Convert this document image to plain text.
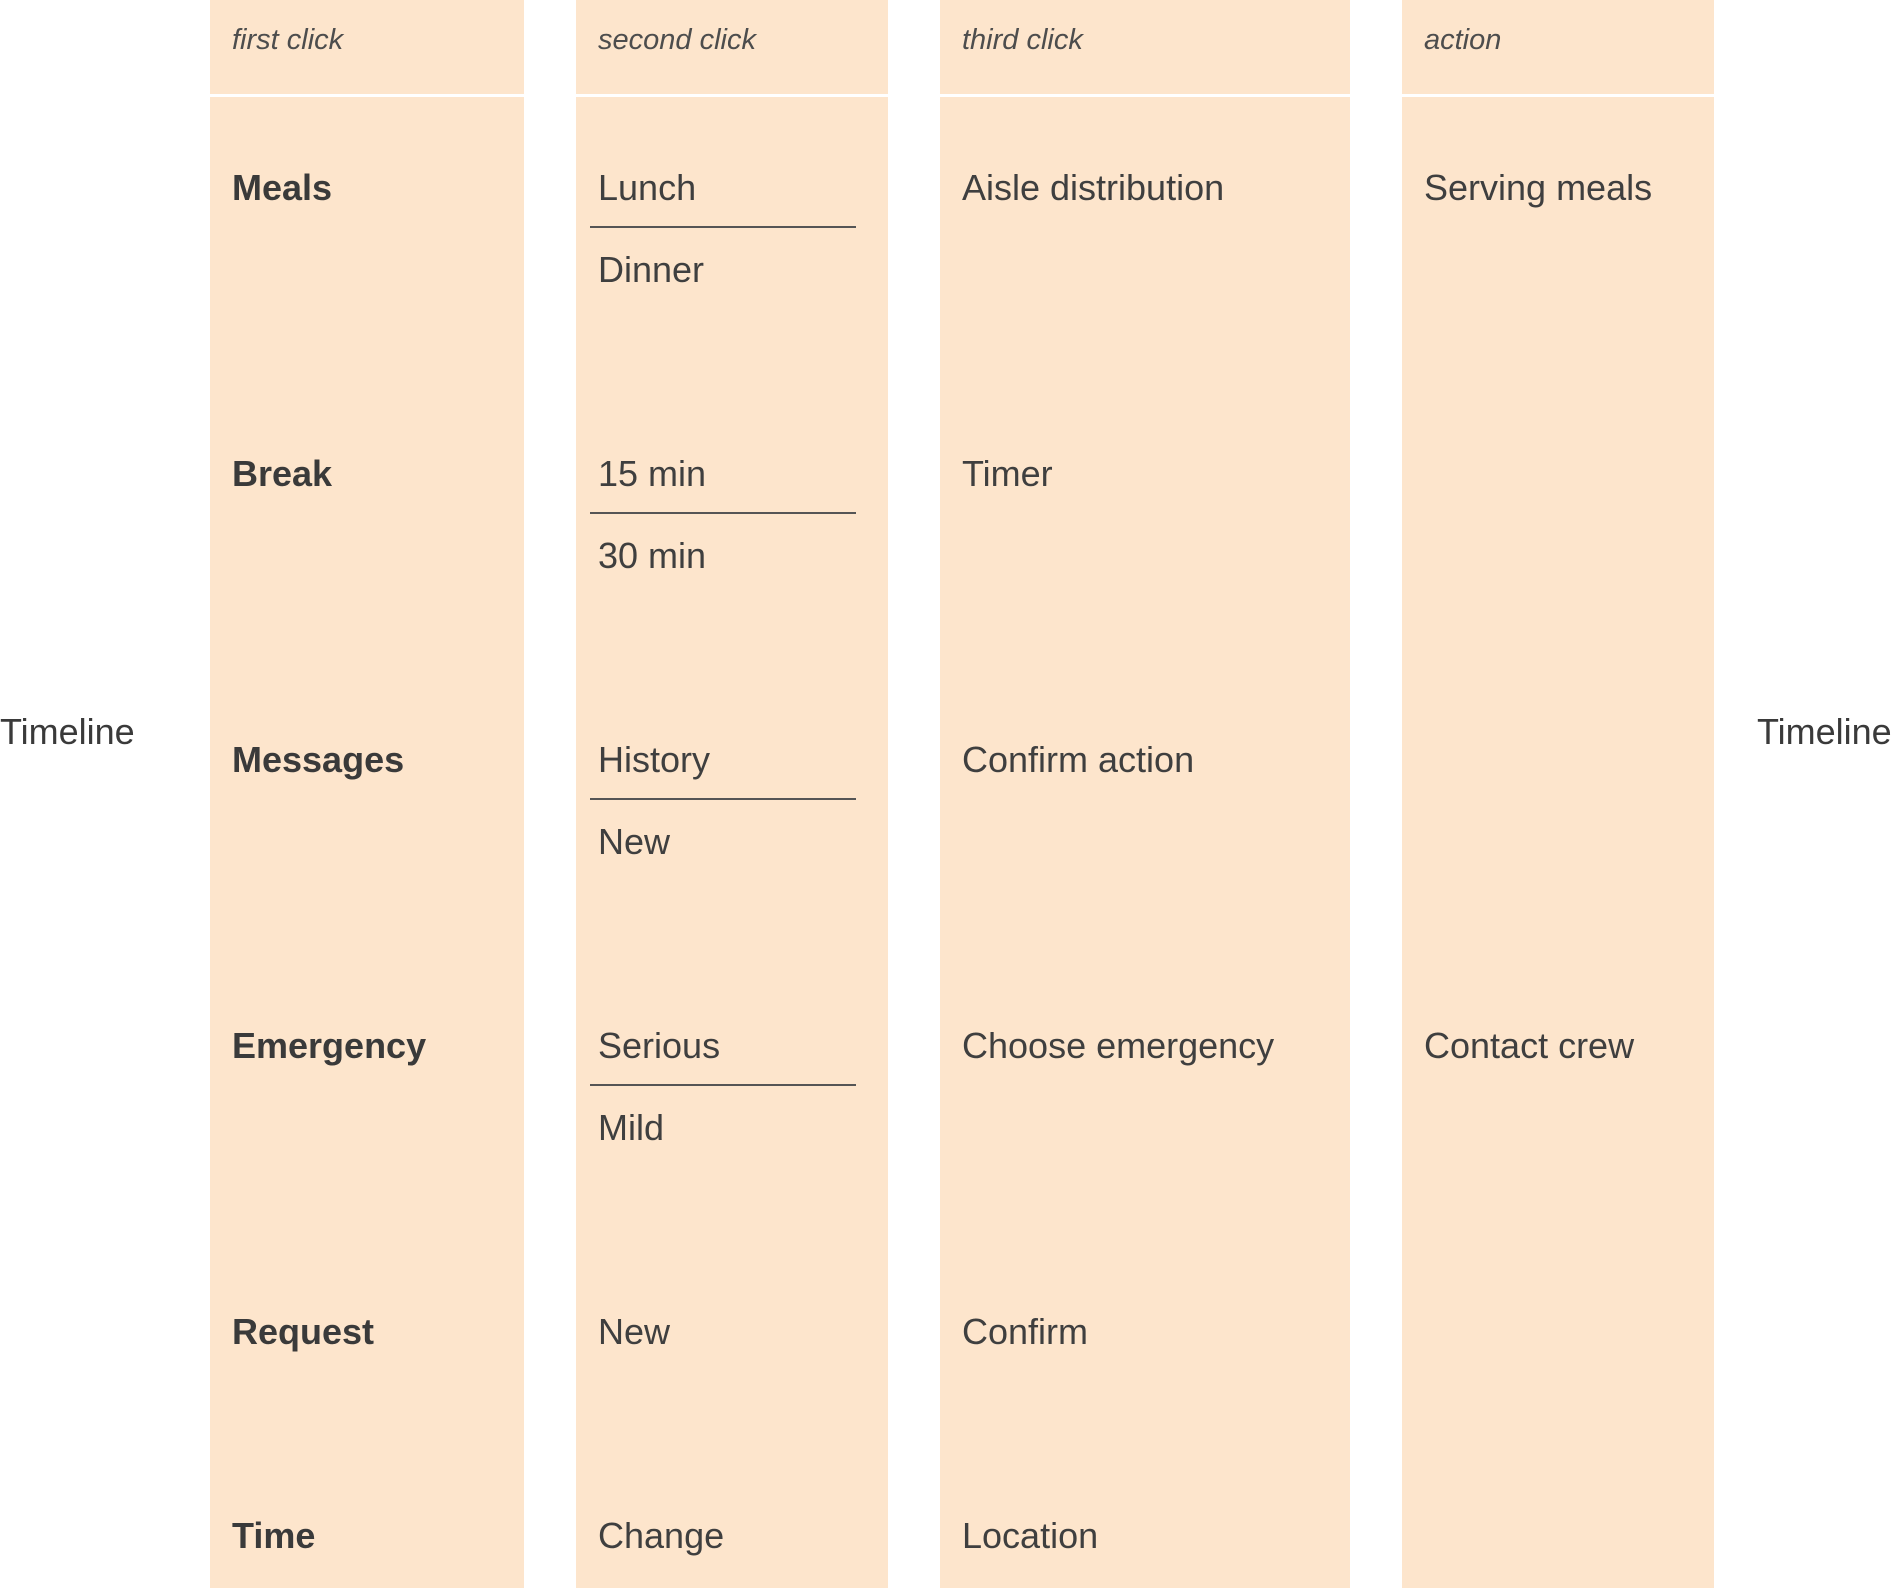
Timeline	Timeline
first click
Meals
Break
Messages
Emergency
Request
Time
second click
Lunch
Dinner
15 min
30 min
History
New
Serious
Mild
New
Change
third click
Aisle distribution
Timer
Confirm action
Choose emergency
Confirm
Location
action
Serving meals
Contact crew
